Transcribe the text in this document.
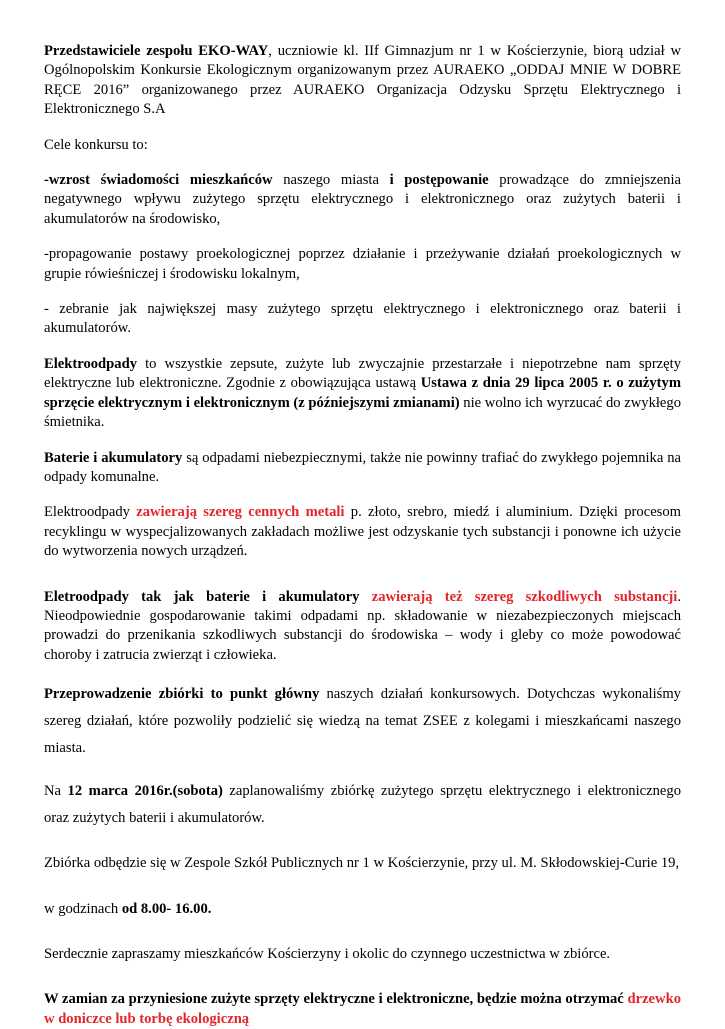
Przedstawiciele zespołu EKO-WAY, uczniowie kl. IIf Gimnazjum nr 1 w Kościerzynie, biorą udział w Ogólnopolskim Konkursie Ekologicznym organizowanym przez AURAEKO „ODDAJ MNIE W DOBRE RĘCE 2016” organizowanego przez AURAEKO Organizacja Odzysku Sprzętu Elektrycznego i Elektronicznego S.A

Cele konkursu to:

-wzrost świadomości mieszkańców naszego miasta i postępowanie prowadzące do zmniejszenia negatywnego wpływu zużytego sprzętu elektrycznego i elektronicznego oraz zużytych baterii i akumulatorów na środowisko,

-propagowanie postawy proekologicznej poprzez działanie i przeżywanie działań proekologicznych w grupie rówieśniczej i środowisku lokalnym,

- zebranie jak największej masy zużytego sprzętu elektrycznego i elektronicznego oraz baterii i akumulatorów.

Elektroodpady to wszystkie zepsute, zużyte lub zwyczajnie przestarzałe i niepotrzebne nam sprzęty elektryczne lub elektroniczne. Zgodnie z obowiązująca ustawą Ustawa z dnia 29 lipca 2005 r. o zużytym sprzęcie elektrycznym i elektronicznym (z późniejszymi zmianami) nie wolno ich wyrzucać do zwykłego śmietnika.

Baterie i akumulatory są odpadami niebezpiecznymi, także nie powinny trafiać do zwykłego pojemnika na odpady komunalne.

Elektroodpady zawierają szereg cennych metali p. złoto, srebro, miedź i aluminium. Dzięki procesom recyklingu w wyspecjalizowanych zakładach możliwe jest odzyskanie tych substancji i ponowne ich użycie do wytworzenia nowych urządzeń.

Eletroodpady tak jak baterie i akumulatory zawierają też szereg szkodliwych substancji. Nieodpowiednie gospodarowanie takimi odpadami np. składowanie w niezabezpieczonych miejscach prowadzi do przenikania szkodliwych substancji do środowiska – wody i gleby co może powodować choroby i zatrucia zwierząt i człowieka.

Przeprowadzenie zbiórki to punkt główny naszych działań konkursowych. Dotychczas wykonaliśmy szereg działań, które pozwoliły podzielić się wiedzą na temat ZSEE z kolegami i mieszkańcami naszego miasta.

Na 12 marca 2016r.(sobota) zaplanowaliśmy zbiórkę zużytego sprzętu elektrycznego i elektronicznego oraz zużytych baterii i akumulatorów.

Zbiórka odbędzie się w Zespole Szkół Publicznych nr 1 w Kościerzynie, przy ul. M. Skłodowskiej-Curie 19,

w godzinach od 8.00- 16.00.

Serdecznie zapraszamy mieszkańców Kościerzyny i okolic do czynnego uczestnictwa w zbiórce.

W zamian za przyniesione zużyte sprzęty elektryczne i elektroniczne, będzie można otrzymać drzewko w doniczce lub torbę ekologiczną
